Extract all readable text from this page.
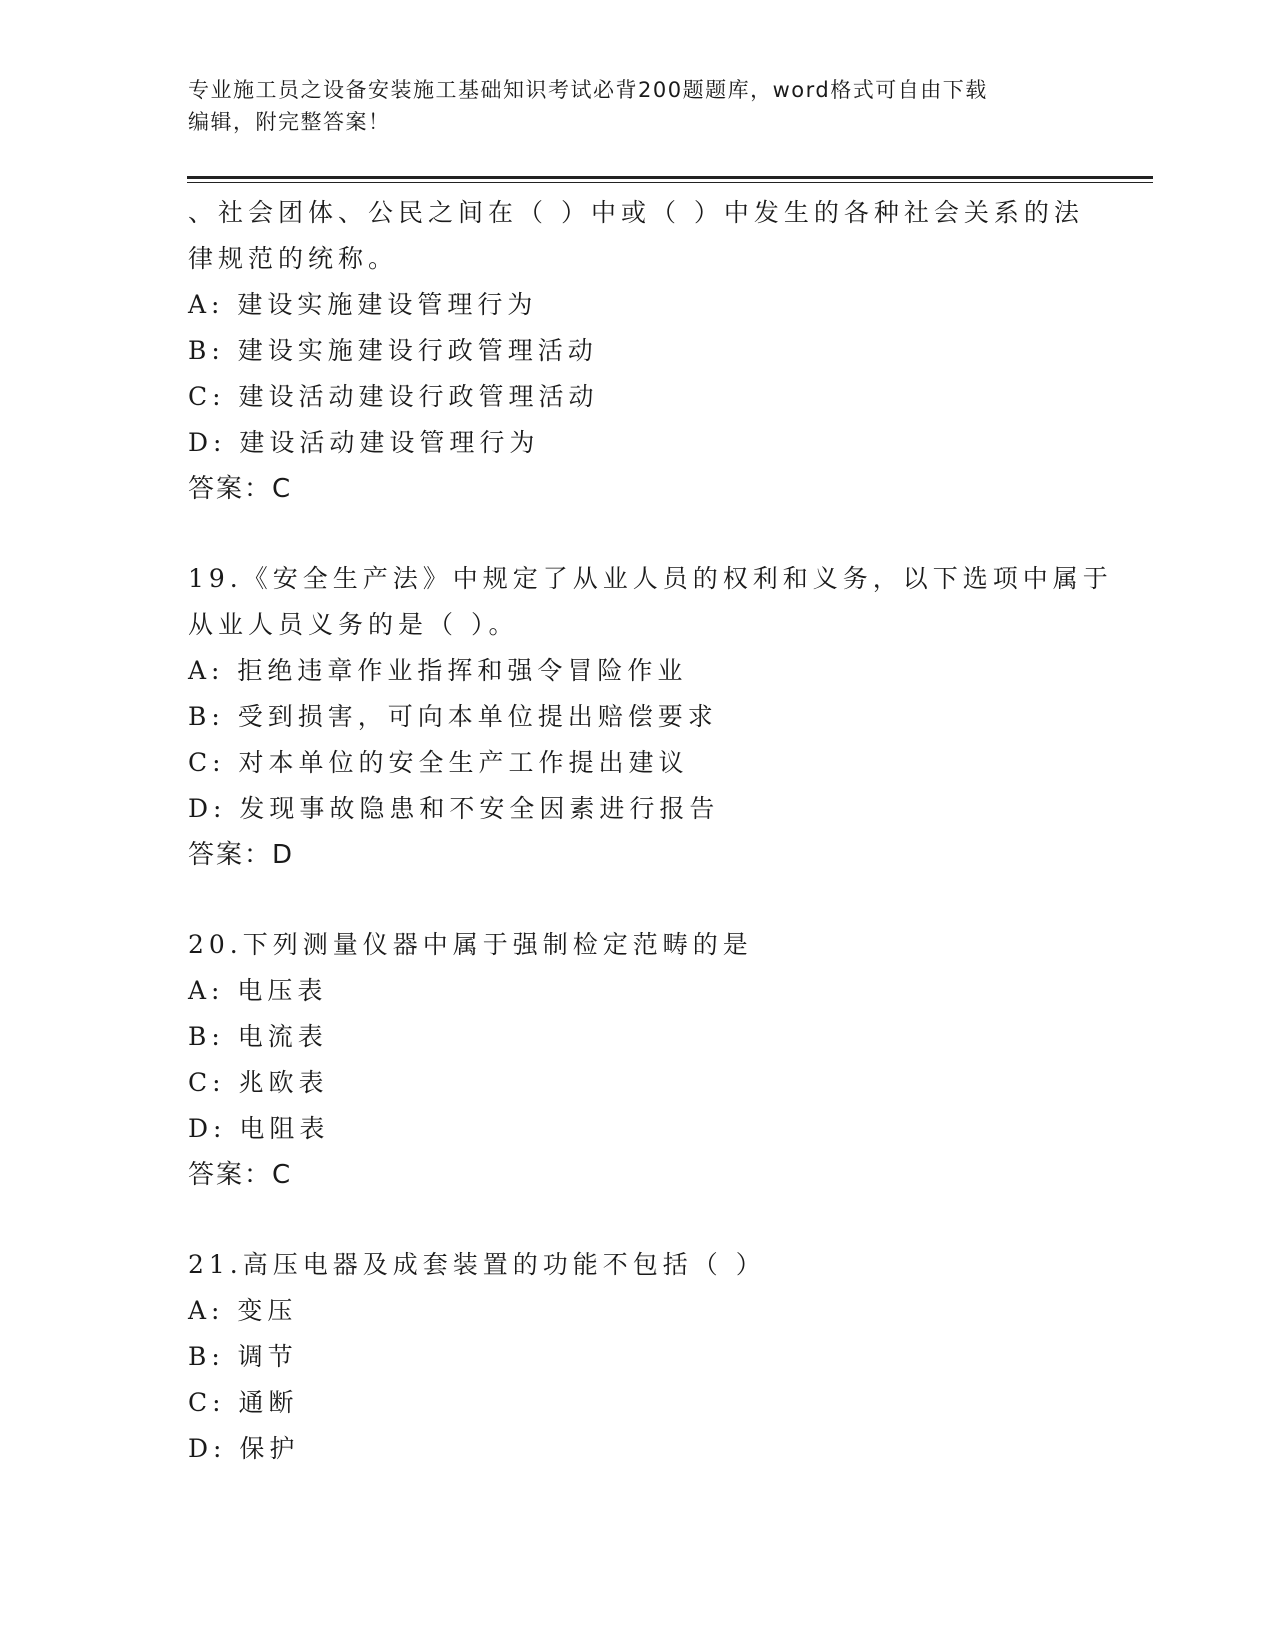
专业施工员之设备安装施工基础知识考试必背200题题库，word格式可自由下载
编辑，附完整答案！
、社会团体、公民之间在（ ）中或（ ）中发生的各种社会关系的法
律规范的统称。
A: 建设实施建设管理行为
B: 建设实施建设行政管理活动
C: 建设活动建设行政管理活动
D: 建设活动建设管理行为
答案：C
19.《安全生产法》中规定了从业人员的权利和义务，以下选项中属于
从业人员义务的是（ ）。
A: 拒绝违章作业指挥和强令冒险作业
B: 受到损害，可向本单位提出赔偿要求
C: 对本单位的安全生产工作提出建议
D: 发现事故隐患和不安全因素进行报告
答案：D
20.下列测量仪器中属于强制检定范畴的是
A: 电压表
B: 电流表
C: 兆欧表
D: 电阻表
答案：C
21.高压电器及成套装置的功能不包括（ ）
A: 变压
B: 调节
C: 通断
D: 保护
